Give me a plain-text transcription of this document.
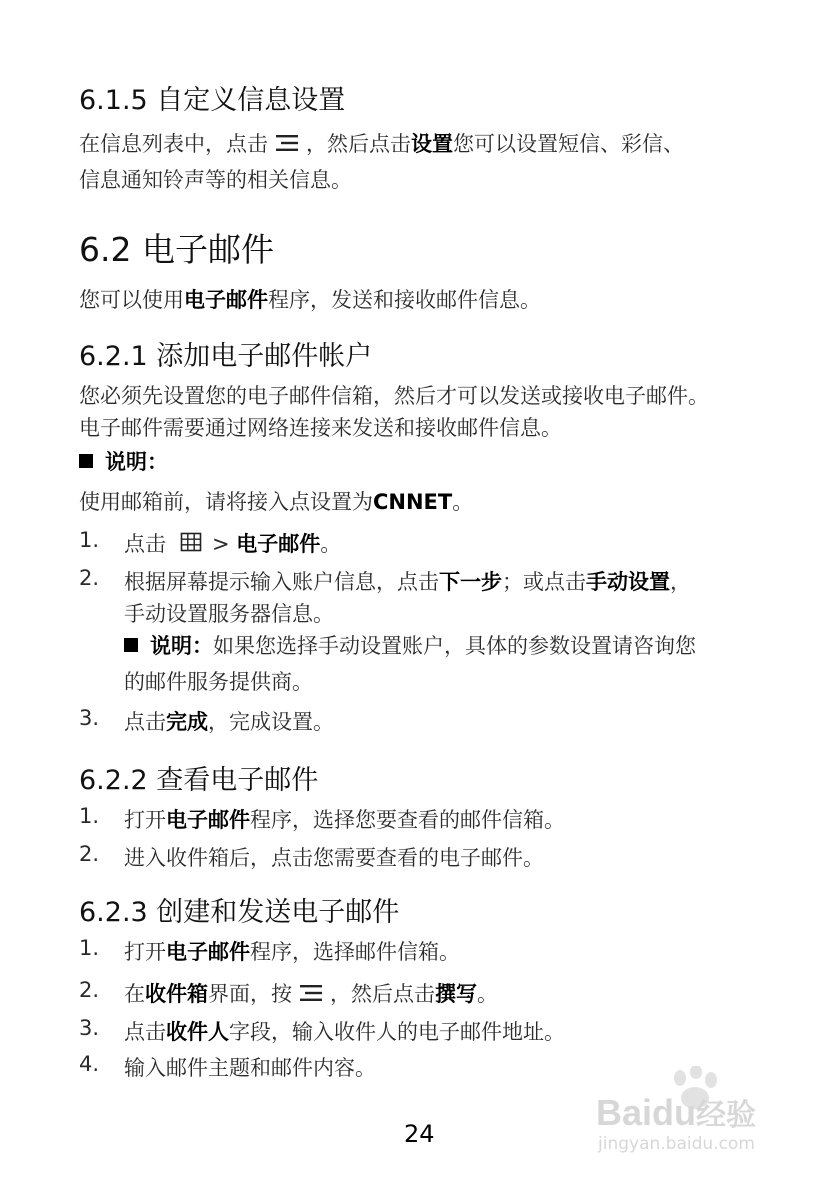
6.1.5 自定义信息设置
在信息列表中，点击 ，然后点击设置您可以设置短信、彩信、
信息通知铃声等的相关信息。
6.2 电子邮件
您可以使用电子邮件程序，发送和接收邮件信息。
6.2.1 添加电子邮件帐户
您必须先设置您的电子邮件信箱，然后才可以发送或接收电子邮件。
电子邮件需要通过网络连接来发送和接收邮件信息。
说明：
使用邮箱前，请将接入点设置为CNNET。
1. 点击 > 电子邮件。
2. 根据屏幕提示输入账户信息，点击下一步；或点击手动设置，
手动设置服务器信息。
说明：如果您选择手动设置账户，具体的参数设置请咨询您
的邮件服务提供商。
3. 点击完成，完成设置。
6.2.2 查看电子邮件
1. 打开电子邮件程序，选择您要查看的邮件信箱。
2. 进入收件箱后，点击您需要查看的电子邮件。
6.2.3 创建和发送电子邮件
1. 打开电子邮件程序，选择邮件信箱。
2. 在收件箱界面，按 ，然后点击撰写。
3. 点击收件人字段，输入收件人的电子邮件地址。
4. 输入邮件主题和邮件内容。
Baidu经验
jingyan.baidu.com
24
